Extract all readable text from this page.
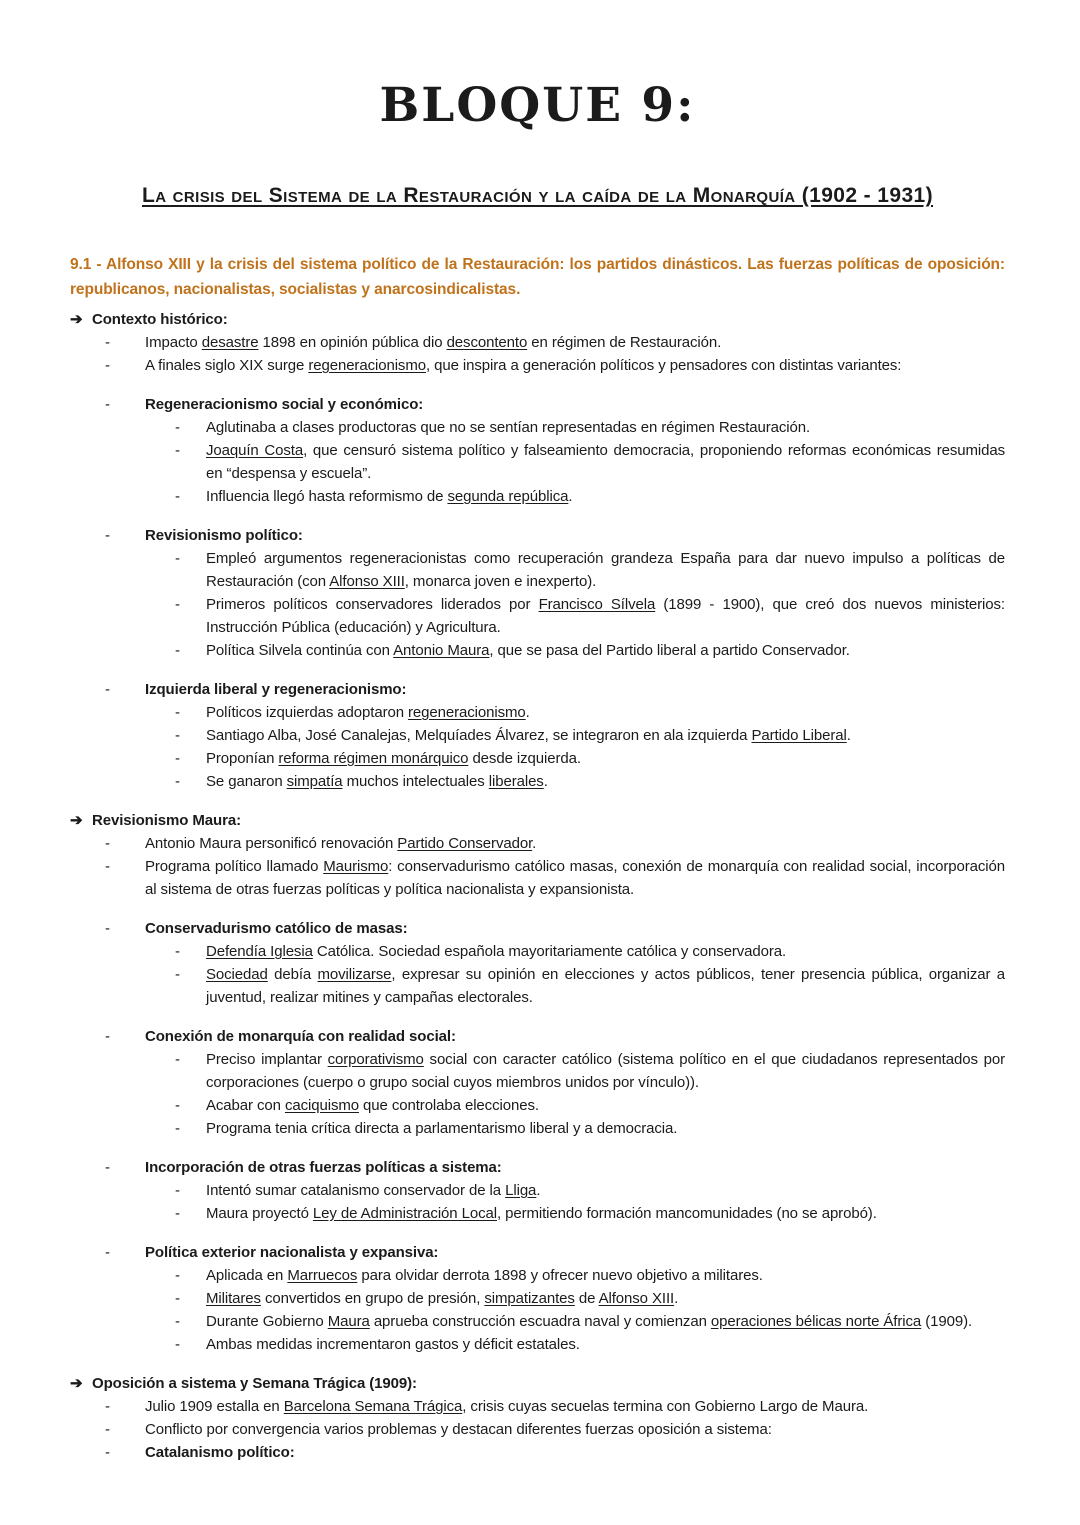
BLOQUE 9:
La crisis del Sistema de la Restauración y la caída de la Monarquía (1902 - 1931)
9.1 - Alfonso XIII y la crisis del sistema político de la Restauración: los partidos dinásticos. Las fuerzas políticas de oposición: republicanos, nacionalistas, socialistas y anarcosindicalistas.
➔ Contexto histórico:
-	Impacto desastre 1898 en opinión pública dio descontento en régimen de Restauración.
-	A finales siglo XIX surge regeneracionismo, que inspira a generación políticos y pensadores con distintas variantes:
-	Regeneracionismo social y económico:
-	Aglutinaba a clases productoras que no se sentían representadas en régimen Restauración.
-	Joaquín Costa, que censuró sistema político y falseamiento democracia, proponiendo reformas económicas resumidas en “despensa y escuela”.
-	Influencia llegó hasta reformismo de segunda república.
-	Revisionismo político:
-	Empleó argumentos regeneracionistas como recuperación grandeza España para dar nuevo impulso a políticas de Restauración (con Alfonso XIII, monarca joven e inexperto).
-	Primeros políticos conservadores liderados por Francisco Sílvela (1899 - 1900), que creó dos nuevos ministerios: Instrucción Pública (educación) y Agricultura.
-	Política Silvela continúa con Antonio Maura, que se pasa del Partido liberal a partido Conservador.
-	Izquierda liberal y regeneracionismo:
-	Políticos izquierdas adoptaron regeneracionismo.
-	Santiago Alba, José Canalejas, Melquíades Álvarez, se integraron en ala izquierda Partido Liberal.
-	Proponían reforma régimen monárquico desde izquierda.
-	Se ganaron simpatía muchos intelectuales liberales.
➔ Revisionismo Maura:
-	Antonio Maura personificó renovación Partido Conservador.
-	Programa político llamado Maurismo: conservadurismo católico masas, conexión de monarquía con realidad social, incorporación al sistema de otras fuerzas políticas y política nacionalista y expansionista.
-	Conservadurismo católico de masas:
-	Defendía Iglesia Católica. Sociedad española mayoritariamente católica y conservadora.
-	Sociedad debía movilizarse, expresar su opinión en elecciones y actos públicos, tener presencia pública, organizar a juventud, realizar mitines y campañas electorales.
-	Conexión de monarquía con realidad social:
-	Preciso implantar corporativismo social con caracter católico (sistema político en el que ciudadanos representados por corporaciones (cuerpo o grupo social cuyos miembros unidos por vínculo)).
-	Acabar con caciquismo que controlaba elecciones.
-	Programa tenia crítica directa a parlamentarismo liberal y a democracia.
-	Incorporación de otras fuerzas políticas a sistema:
-	Intentó sumar catalanismo conservador de la Lliga.
-	Maura proyectó Ley de Administración Local, permitiendo formación mancomunidades (no se aprobó).
-	Política exterior nacionalista y expansiva:
-	Aplicada en Marruecos para olvidar derrota 1898 y ofrecer nuevo objetivo a militares.
-	Militares convertidos en grupo de presión, simpatizantes de Alfonso XIII.
-	Durante Gobierno Maura aprueba construcción escuadra naval y comienzan operaciones bélicas norte África (1909).
-	Ambas medidas incrementaron gastos y déficit estatales.
➔ Oposición a sistema y Semana Trágica (1909):
-	Julio 1909 estalla en Barcelona Semana Trágica, crisis cuyas secuelas termina con Gobierno Largo de Maura.
-	Conflicto por convergencia varios problemas y destacan diferentes fuerzas oposición a sistema:
-	Catalanismo político:
